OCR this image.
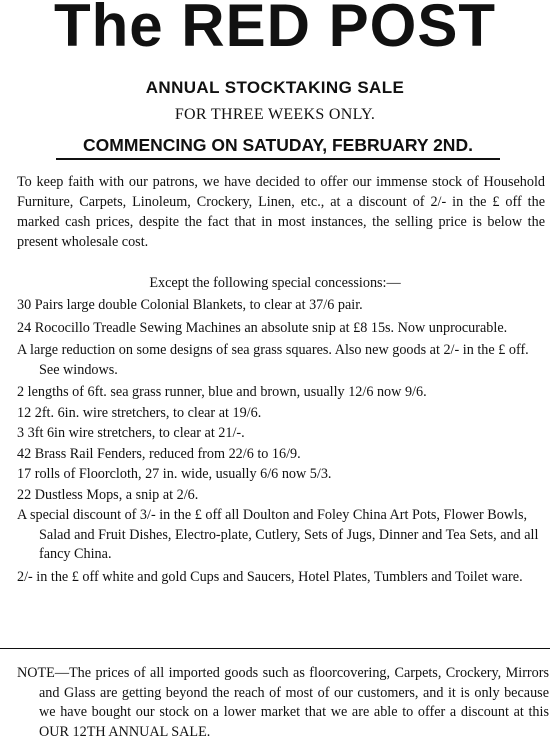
The RED POST
ANNUAL STOCKTAKING SALE
FOR THREE WEEKS ONLY.
COMMENCING ON SATUDAY, FEBRUARY 2ND.

To keep faith with our patrons, we have decided to offer our immense stock of Household Furniture, Carpets, Linoleum, Crockery, Linen, etc., at a discount of 2/- in the £ off the marked cash prices, despite the fact that in most instances, the selling price is below the present wholesale cost.

Except the following special concessions:—
30 Pairs large double Colonial Blankets, to clear at 37/6 pair.
24 Rococillo Treadle Sewing Machines an absolute snip at £8 15s. Now unprocurable.
A large reduction on some designs of sea grass squares. Also new goods at 2/- in the £ off. See windows.
2 lengths of 6ft. sea grass runner, blue and brown, usually 12/6 now 9/6.
12 2ft. 6in. wire stretchers, to clear at 19/6.
3 3ft 6in wire stretchers, to clear at 21/-.
42 Brass Rail Fenders, reduced from 22/6 to 16/9.
17 rolls of Floorcloth, 27 in. wide, usually 6/6 now 5/3.
22 Dustless Mops, a snip at 2/6.
A special discount of 3/- in the £ off all Doulton and Foley China Art Pots, Flower Bowls, Salad and Fruit Dishes, Electro-plate, Cutlery, Sets of Jugs, Dinner and Tea Sets, and all fancy China.
2/- in the £ off white and gold Cups and Saucers, Hotel Plates, Tumblers and Toilet ware.
NOTE—The prices of all imported goods such as floorcovering, Carpets, Crockery, Mirrors and Glass are getting beyond the reach of most of our customers, and it is only because we have bought our stock on a lower market that we are able to offer a discount at this OUR 12TH ANNUAL SALE.
